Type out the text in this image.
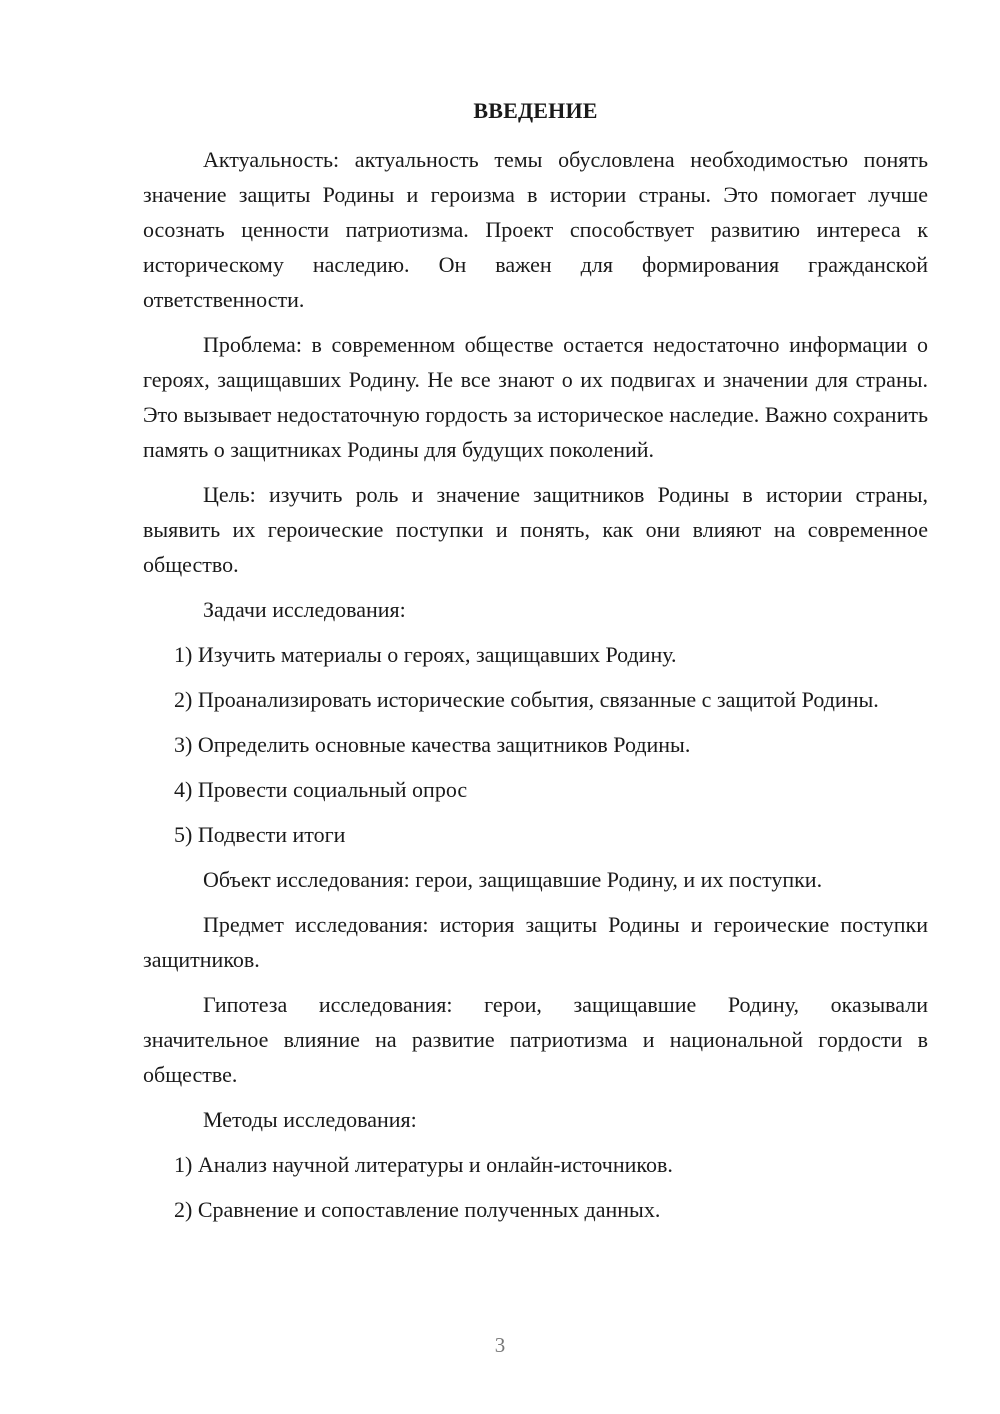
ВВЕДЕНИЕ

Актуальность: актуальность темы обусловлена необходимостью понять значение защиты Родины и героизма в истории страны. Это помогает лучше осознать ценности патриотизма. Проект способствует развитию интереса к историческому наследию. Он важен для формирования гражданской ответственности.

Проблема: в современном обществе остается недостаточно информации о героях, защищавших Родину. Не все знают о их подвигах и значении для страны. Это вызывает недостаточную гордость за историческое наследие. Важно сохранить память о защитниках Родины для будущих поколений.

Цель: изучить роль и значение защитников Родины в истории страны, выявить их героические поступки и понять, как они влияют на современное общество.

Задачи исследования:

1) Изучить материалы о героях, защищавших Родину.

2) Проанализировать исторические события, связанные с защитой Родины.

3) Определить основные качества защитников Родины.

4) Провести социальный опрос

5) Подвести итоги

Объект исследования: герои, защищавшие Родину, и их поступки.

Предмет исследования: история защиты Родины и героические поступки защитников.

Гипотеза исследования: герои, защищавшие Родину, оказывали значительное влияние на развитие патриотизма и национальной гордости в обществе.

Методы исследования:

1) Анализ научной литературы и онлайн-источников.

2) Сравнение и сопоставление полученных данных.

3
